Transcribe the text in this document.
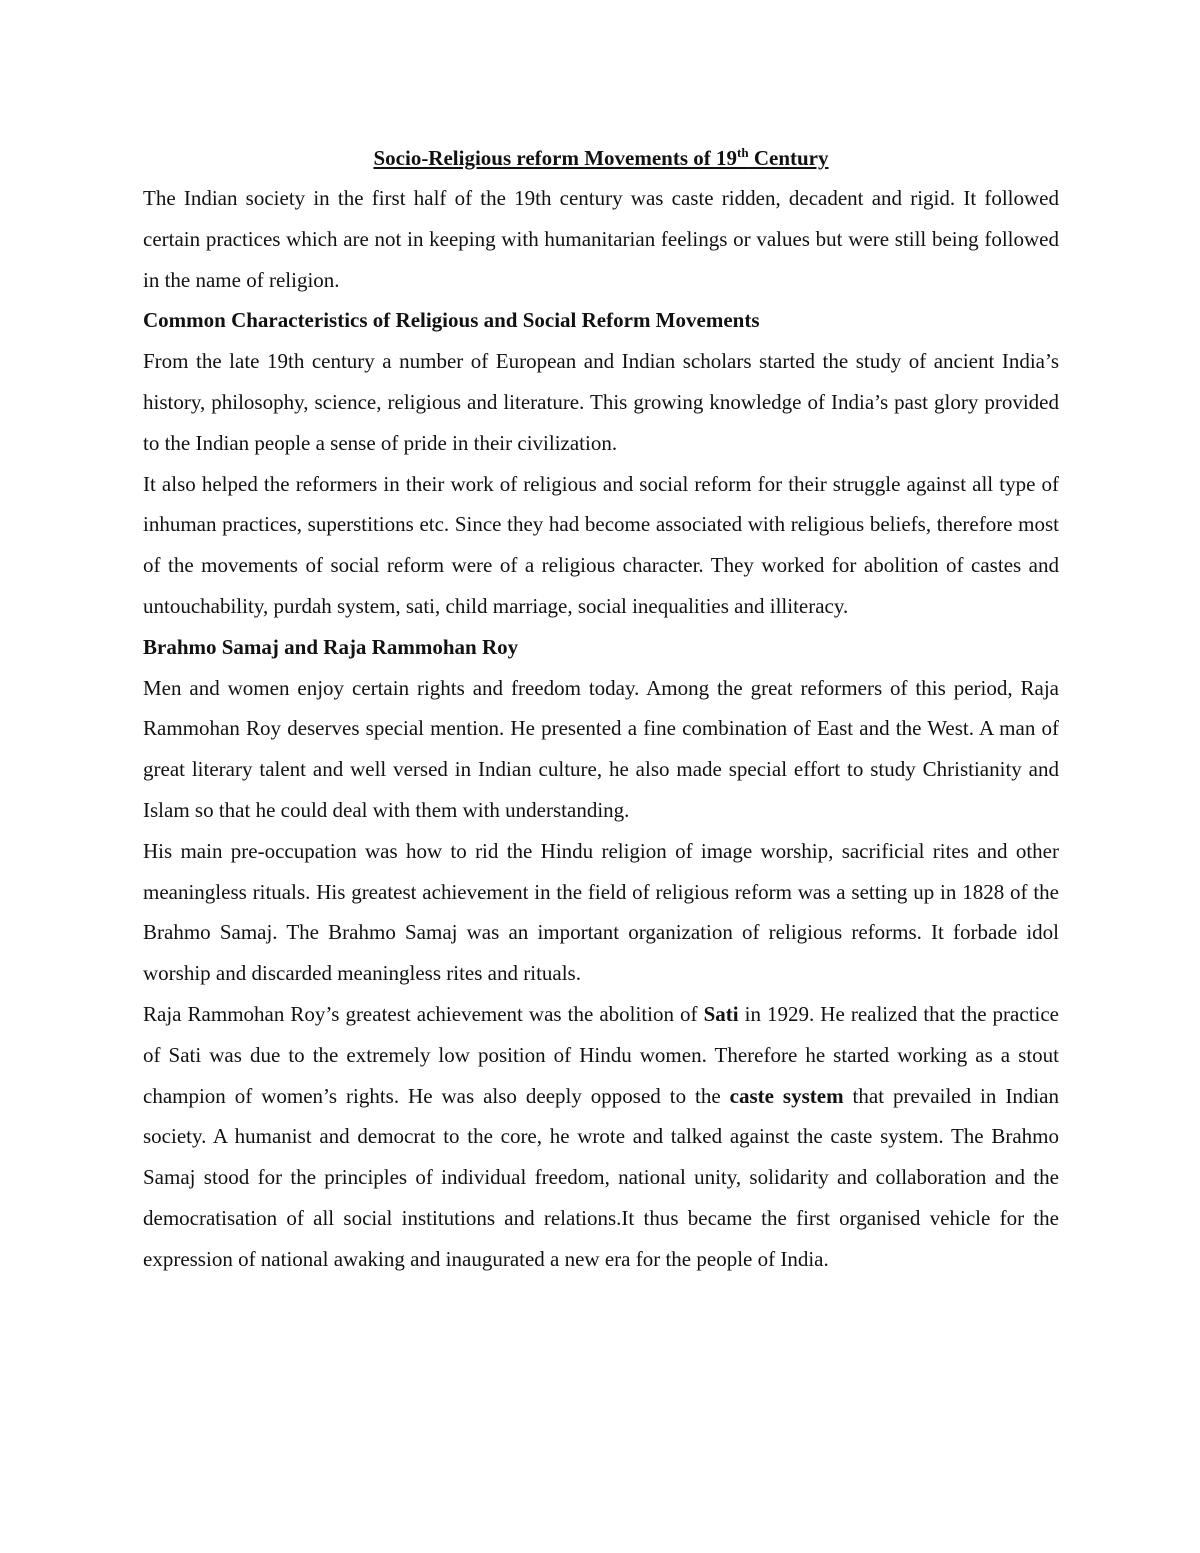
Socio-Religious reform Movements of 19th Century

The Indian society in the first half of the 19th century was caste ridden, decadent and rigid. It followed certain practices which are not in keeping with humanitarian feelings or values but were still being followed in the name of religion.

Common Characteristics of Religious and Social Reform Movements

From the late 19th century a number of European and Indian scholars started the study of ancient India’s history, philosophy, science, religious and literature. This growing knowledge of India’s past glory provided to the Indian people a sense of pride in their civilization.

It also helped the reformers in their work of religious and social reform for their struggle against all type of inhuman practices, superstitions etc. Since they had become associated with religious beliefs, therefore most of the movements of social reform were of a religious character. They worked for abolition of castes and untouchability, purdah system, sati, child marriage, social inequalities and illiteracy.

Brahmo Samaj and Raja Rammohan Roy

Men and women enjoy certain rights and freedom today. Among the great reformers of this period, Raja Rammohan Roy deserves special mention. He presented a fine combination of East and the West. A man of great literary talent and well versed in Indian culture, he also made special effort to study Christianity and Islam so that he could deal with them with understanding.

His main pre-occupation was how to rid the Hindu religion of image worship, sacrificial rites and other meaningless rituals. His greatest achievement in the field of religious reform was a setting up in 1828 of the Brahmo Samaj. The Brahmo Samaj was an important organization of religious reforms. It forbade idol worship and discarded meaningless rites and rituals.

Raja Rammohan Roy’s greatest achievement was the abolition of Sati in 1929. He realized that the practice of Sati was due to the extremely low position of Hindu women. Therefore he started working as a stout champion of women’s rights. He was also deeply opposed to the caste system that prevailed in Indian society. A humanist and democrat to the core, he wrote and talked against the caste system. The Brahmo Samaj stood for the principles of individual freedom, national unity, solidarity and collaboration and the democratisation of all social institutions and relations.It thus became the first organised vehicle for the expression of national awaking and inaugurated a new era for the people of India.
